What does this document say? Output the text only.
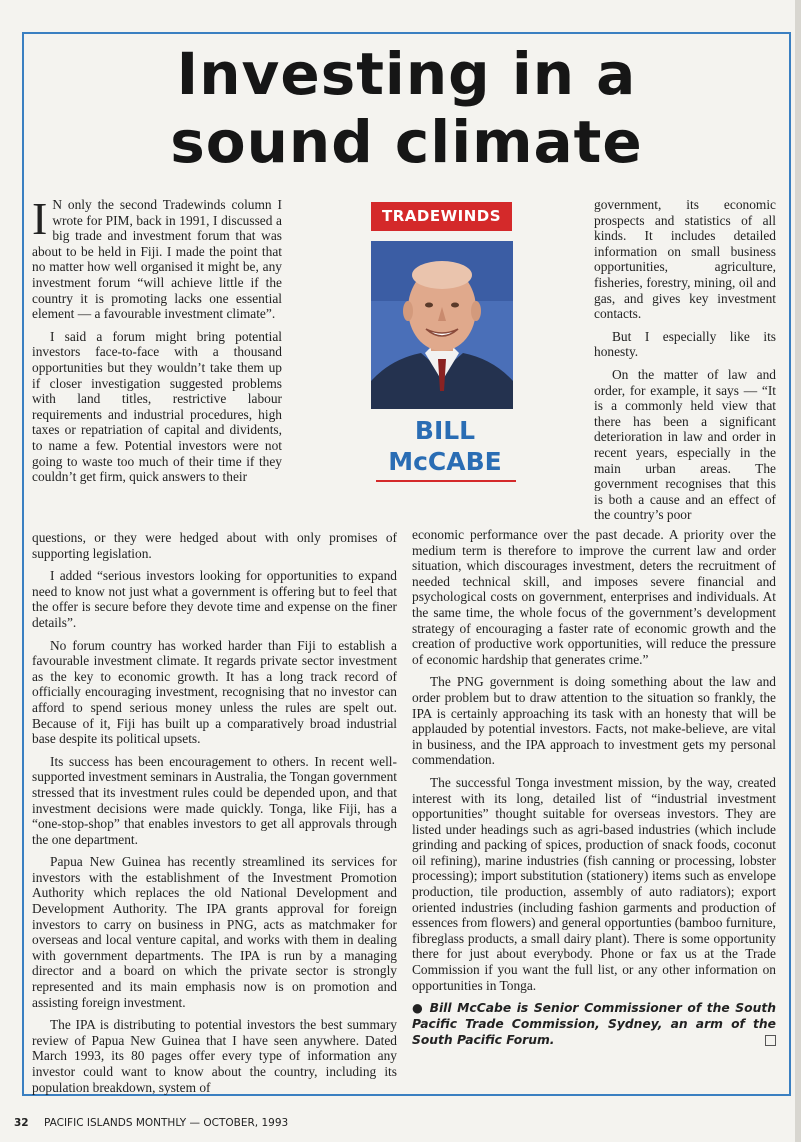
Investing in a
sound climate

I N only the second Tradewinds column I wrote for PIM, back in 1991, I discussed a big trade and investment forum that was about to be held in Fiji. I made the point that no matter how well organised it might be, any investment forum “will achieve little if the country it is promoting lacks one essential element — a favourable investment climate”.

I said a forum might bring potential investors face-to-face with a thousand opportunities but they wouldn’t take them up if closer investigation suggested problems with land titles, restrictive labour requirements and industrial procedures, high taxes or repatriation of capital and dividents, to name a few. Potential investors were not going to waste too much of their time if they couldn’t get firm, quick answers to their

TRADEWINDS
BILL
McCABE

questions, or they were hedged about with only promises of supporting legislation.

I added “serious investors looking for opportunities to expand need to know not just what a government is offering but to feel that the offer is secure before they devote time and expense on the finer details”.

No forum country has worked harder than Fiji to establish a favourable investment climate. It regards private sector investment as the key to economic growth. It has a long track record of officially encouraging investment, recognising that no investor can afford to spend serious money unless the rules are spelt out. Because of it, Fiji has built up a comparatively broad industrial base despite its political upsets.

Its success has been encouragement to others. In recent well-supported investment seminars in Australia, the Tongan government stressed that its investment rules could be depended upon, and that investment decisions were made quickly. Tonga, like Fiji, has a “one-stop-shop” that enables investors to get all approvals through the one department.

Papua New Guinea has recently streamlined its services for investors with the establishment of the Investment Promotion Authority which replaces the old National Development and Development Authority. The IPA grants approval for foreign investors to carry on business in PNG, acts as matchmaker for overseas and local venture capital, and works with them in dealing with government departments. The IPA is run by a managing director and a board on which the private sector is strongly represented and its main emphasis now is on promotion and assisting foreign investment.

The IPA is distributing to potential investors the best summary review of Papua New Guinea that I have seen anywhere. Dated March 1993, its 80 pages offer every type of information any investor could want to know about the country, including its population breakdown, system of

government, its economic prospects and statistics of all kinds. It includes detailed information on small business opportunities, agriculture, fisheries, forestry, mining, oil and gas, and gives key investment contacts.

But I especially like its honesty.

On the matter of law and order, for example, it says — “It is a commonly held view that there has been a significant deterioration in law and order in recent years, especially in the main urban areas. The government recognises that this is both a cause and an effect of the country’s poor

economic performance over the past decade. A priority over the medium term is therefore to improve the current law and order situation, which discourages investment, deters the recruitment of needed technical skill, and imposes severe financial and psychological costs on government, enterprises and individuals. At the same time, the whole focus of the government’s development strategy of encouraging a faster rate of economic growth and the creation of productive work opportunities, will reduce the pressure of economic hardship that generates crime.”

The PNG government is doing something about the law and order problem but to draw attention to the situation so frankly, the IPA is certainly approaching its task with an honesty that will be applauded by potential investors. Facts, not make-believe, are vital in business, and the IPA approach to investment gets my personal commendation.

The successful Tonga investment mission, by the way, created interest with its long, detailed list of “industrial investment opportunities” thought suitable for overseas investors. They are listed under headings such as agri-based industries (which include grinding and packing of spices, production of snack foods, coconut oil refining), marine industries (fish canning or processing, lobster processing); import substitution (stationery) items such as envelope production, tile production, assembly of auto radiators); export oriented industries (including fashion garments and production of essences from flowers) and general opportunties (bamboo furniture, fibreglass products, a small dairy plant). There is some opportunity there for just about everybody. Phone or fax us at the Trade Commission if you want the full list, or any other information on opportunities in Tonga.

● Bill McCabe is Senior Commissioner of the South Pacific Trade Commission, Sydney, an arm of the South Pacific Forum.

32 PACIFIC ISLANDS MONTHLY — OCTOBER, 1993
